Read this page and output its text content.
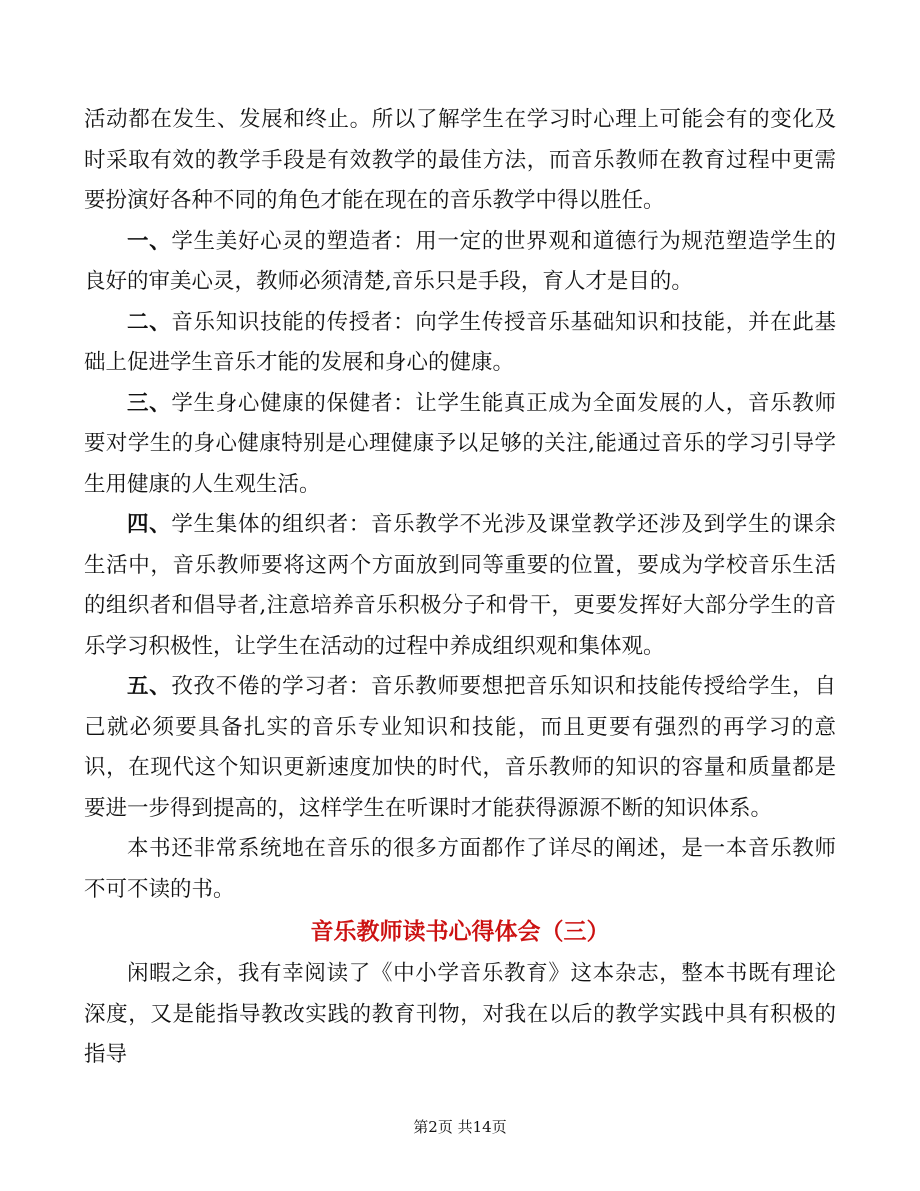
活动都在发生、发展和终止。所以了解学生在学习时心理上可能会有的变化及时采取有效的教学手段是有效教学的最佳方法，而音乐教师在教育过程中更需要扮演好各种不同的角色才能在现在的音乐教学中得以胜任。

一、学生美好心灵的塑造者：用一定的世界观和道德行为规范塑造学生的良好的审美心灵，教师必须清楚,音乐只是手段，育人才是目的。

二、音乐知识技能的传授者：向学生传授音乐基础知识和技能，并在此基础上促进学生音乐才能的发展和身心的健康。

三、学生身心健康的保健者：让学生能真正成为全面发展的人，音乐教师要对学生的身心健康特别是心理健康予以足够的关注,能通过音乐的学习引导学生用健康的人生观生活。

四、学生集体的组织者：音乐教学不光涉及课堂教学还涉及到学生的课余生活中，音乐教师要将这两个方面放到同等重要的位置，要成为学校音乐生活的组织者和倡导者,注意培养音乐积极分子和骨干，更要发挥好大部分学生的音乐学习积极性，让学生在活动的过程中养成组织观和集体观。

五、孜孜不倦的学习者：音乐教师要想把音乐知识和技能传授给学生，自己就必须要具备扎实的音乐专业知识和技能，而且更要有强烈的再学习的意识，在现代这个知识更新速度加快的时代，音乐教师的知识的容量和质量都是要进一步得到提高的，这样学生在听课时才能获得源源不断的知识体系。

本书还非常系统地在音乐的很多方面都作了详尽的阐述，是一本音乐教师不可不读的书。

音乐教师读书心得体会（三）

闲暇之余，我有幸阅读了《中小学音乐教育》这本杂志，整本书既有理论深度，又是能指导教改实践的教育刊物，对我在以后的教学实践中具有积极的指导

第2页 共14页
